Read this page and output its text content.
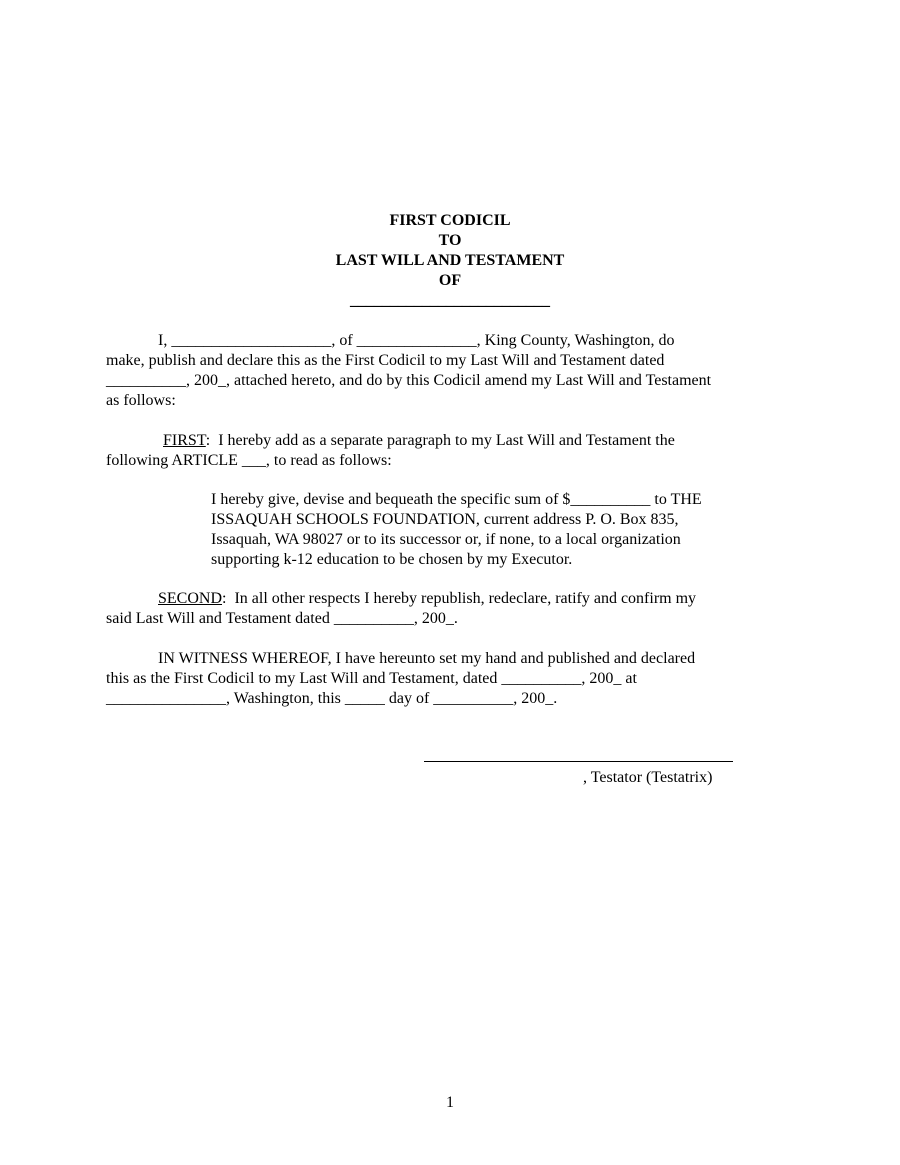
FIRST CODICIL
TO
LAST WILL AND TESTAMENT
OF
_________________________
I, ____________________, of _______________, King County, Washington, do
make, publish and declare this as the First Codicil to my Last Will and Testament dated
__________, 200_, attached hereto, and do by this Codicil amend my Last Will and Testament
as follows:
FIRST:  I hereby add as a separate paragraph to my Last Will and Testament the
following ARTICLE ___, to read as follows:
I hereby give, devise and bequeath the specific sum of $__________ to THE
ISSAQUAH SCHOOLS FOUNDATION, current address P. O. Box 835,
Issaquah, WA 98027 or to its successor or, if none, to a local organization
supporting k-12 education to be chosen by my Executor.
SECOND:  In all other respects I hereby republish, redeclare, ratify and confirm my
said Last Will and Testament dated __________, 200_.
IN WITNESS WHEREOF, I have hereunto set my hand and published and declared
this as the First Codicil to my Last Will and Testament, dated __________, 200_ at
_______________, Washington, this _____ day of __________, 200_.
, Testator (Testatrix)
1
